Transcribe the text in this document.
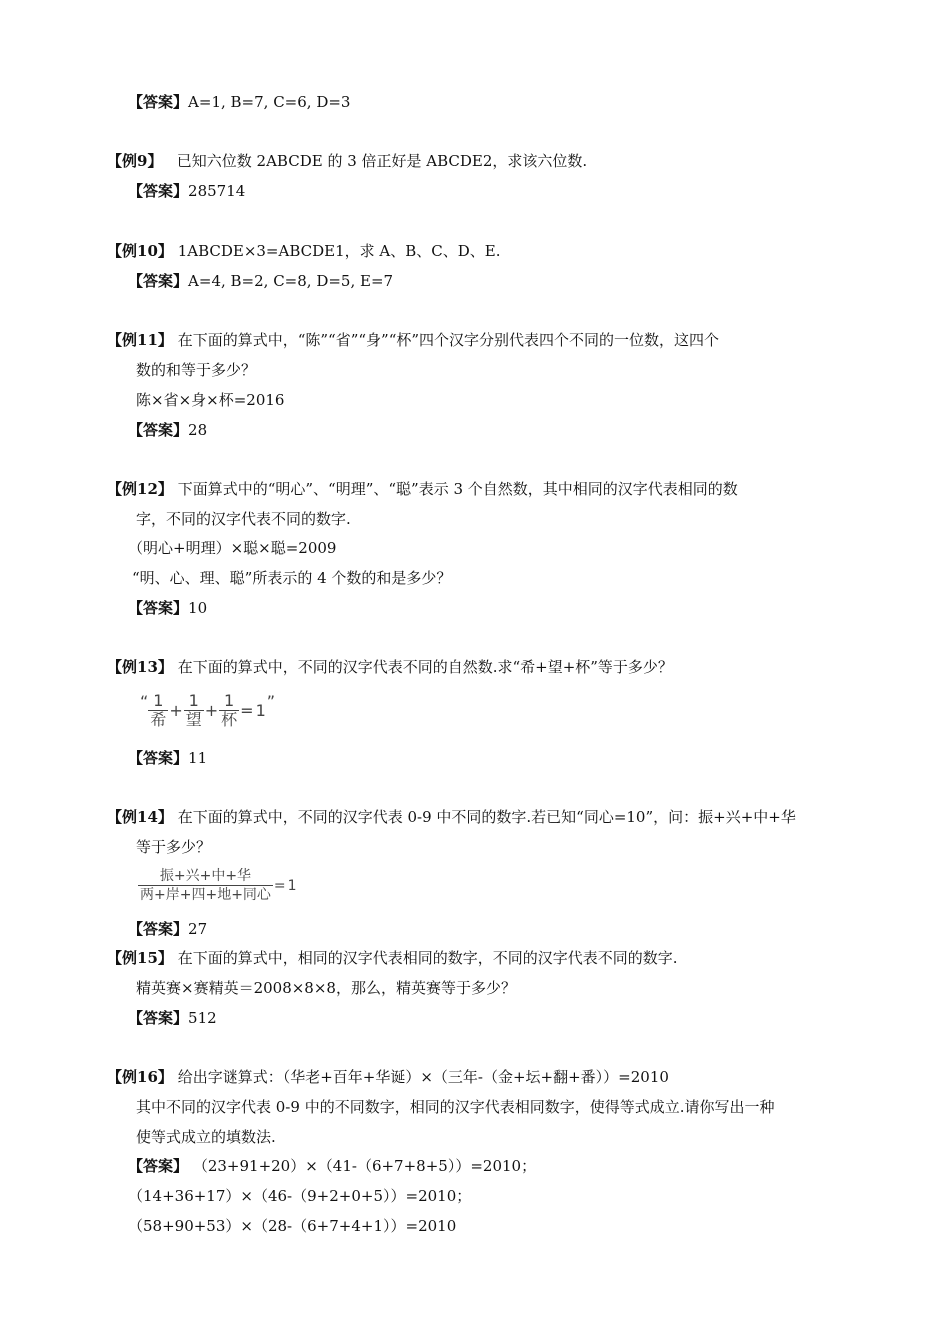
【答案】A=1, B=7, C=6, D=3
【例9】 已知六位数 2ABCDE 的 3 倍正好是 ABCDE2，求该六位数.
【答案】285714
【例10】 1ABCDE×3=ABCDE1，求 A、B、C、D、E.
【答案】A=4, B=2, C=8, D=5, E=7
【例11】 在下面的算式中，“陈”“省”“身”“杯”四个汉字分别代表四个不同的一位数，这四个
数的和等于多少？
陈×省×身×杯=2016
【答案】28
【例12】 下面算式中的“明心”、“明理”、“聪”表示 3 个自然数，其中相同的汉字代表相同的数
字，不同的汉字代表不同的数字.
（明心+明理）×聪×聪=2009
“明、心、理、聪”所表示的 4 个数的和是多少？
【答案】10
【例13】 在下面的算式中，不同的汉字代表不同的自然数.求“希+望+杯”等于多少？
“ $\frac{1}{\text{希}} + \frac{1}{\text{望}} + \frac{1}{\text{杯}} = 1$”
【答案】11
【例14】 在下面的算式中，不同的汉字代表 0-9 中不同的数字.若已知“同心=10”，问：振+兴+中+华
等于多少？
$\frac{\text{振+兴+中+华}}{\text{两+岸+四+地+同心}} = 1$
【答案】27
【例15】 在下面的算式中，相同的汉字代表相同的数字，不同的汉字代表不同的数字.
精英赛×赛精英＝2008×8×8，那么，精英赛等于多少？
【答案】512
【例16】 给出字谜算式：（华老+百年+华诞）×（三年-（金+坛+翻+番））=2010
其中不同的汉字代表 0-9 中的不同数字，相同的汉字代表相同数字，使得等式成立.请你写出一种
使等式成立的填数法.
【答案】 （23+91+20）×（41-（6+7+8+5））=2010；
（14+36+17）×（46-（9+2+0+5））=2010；
（58+90+53）×（28-（6+7+4+1））=2010
